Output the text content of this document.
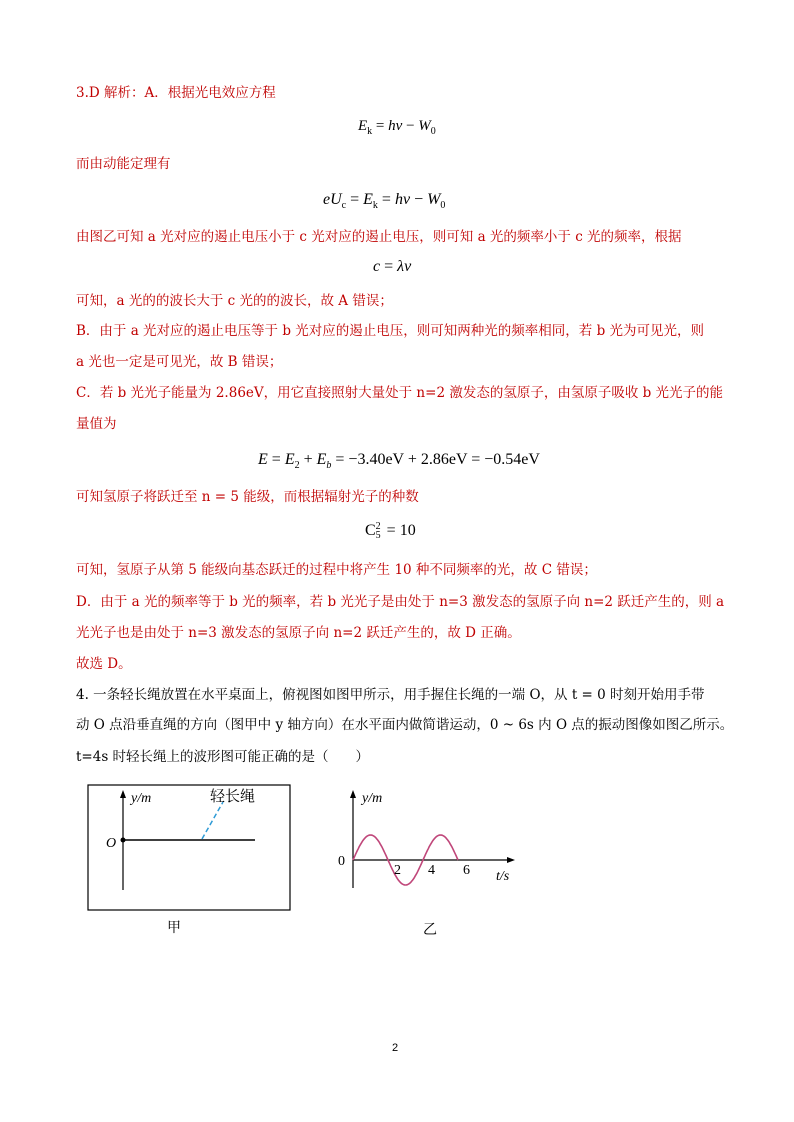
3.D 解析：A．根据光电效应方程
$E_k = h\nu - W_0$
而由动能定理有
$eU_c = E_k = h\nu - W_0$
由图乙可知 a 光对应的遏止电压小于 c 光对应的遏止电压，则可知 a 光的频率小于 c 光的频率，根据
c = λν
可知，a 光的的波长大于 c 光的的波长，故 A 错误；
B．由于 a 光对应的遏止电压等于 b 光对应的遏止电压，则可知两种光的频率相同，若 b 光为可见光，则
a 光也一定是可见光，故 B 错误；
C．若 b 光光子能量为 2.86eV，用它直接照射大量处于 n=2 激发态的氢原子，由氢原子吸收 b 光光子的能
量值为
$E = E_2 + E_b = -3.40eV + 2.86eV = -0.54eV$
可知氢原子将跃迁至 n = 5 能级，而根据辐射光子的种数
C2
5 = 10
可知，氢原子从第 5 能级向基态跃迁的过程中将产生 10 种不同频率的光，故 C 错误；
D．由于 a 光的频率等于 b 光的频率，若 b 光光子是由处于 n=3 激发态的氢原子向 n=2 跃迁产生的，则 a
光光子也是由处于 n=3 激发态的氢原子向 n=2 跃迁产生的，故 D 正确。
故选 D。
4. 一条轻长绳放置在水平桌面上，俯视图如图甲所示，用手握住长绳的一端 O，从 t = 0 时刻开始用手带
动 O 点沿垂直绳的方向（图甲中 y 轴方向）在水平面内做简谐运动，0 ~ 6s 内 O 点的振动图像如图乙所示。
t=4s 时轻长绳上的波形图可能正确的是（　　）
y/m
O
轻长绳
甲
y/m
0
2 4 6 t/s
乙
2
